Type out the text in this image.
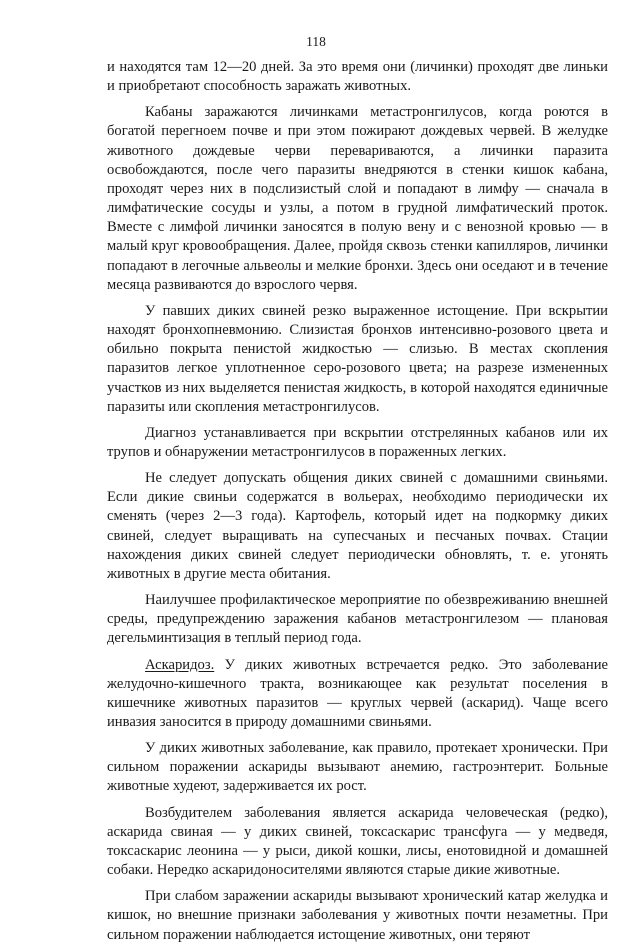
118

и находятся там 12—20 дней. За это время они (личинки) проходят две линьки и приобретают способность заражать животных.

Кабаны заражаются личинками метастронгилусов, когда роются в богатой перегноем почве и при этом пожирают дождевых червей. В желудке животного дождевые черви перевариваются, а личинки паразита освобождаются, после чего паразиты внедряются в стенки кишок кабана, проходят через них в подслизистый слой и попадают в лимфу — сначала в лимфатические сосуды и узлы, а потом в грудной лимфатический проток. Вместе с лимфой личинки заносятся в полую вену и с венозной кровью — в малый круг кровообращения. Далее, пройдя сквозь стенки капилляров, личинки попадают в легочные альвеолы и мелкие бронхи. Здесь они оседают и в течение месяца развиваются до взрослого червя.

У павших диких свиней резко выраженное истощение. При вскрытии находят бронхопневмонию. Слизистая бронхов интенсивно-розового цвета и обильно покрыта пенистой жидкостью — слизью. В местах скопления паразитов легкое уплотненное серо-розового цвета; на разрезе измененных участков из них выделяется пенистая жидкость, в которой находятся единичные паразиты или скопления метастронгилусов.

Диагноз устанавливается при вскрытии отстрелянных кабанов или их трупов и обнаружении метастронгилусов в пораженных легких.

Не следует допускать общения диких свиней с домашними свиньями. Если дикие свиньи содержатся в вольерах, необходимо периодически их сменять (через 2—3 года). Картофель, который идет на подкормку диких свиней, следует выращивать на супесчаных и песчаных почвах. Стации нахождения диких свиней следует периодически обновлять, т. е. угонять животных в другие места обитания.

Наилучшее профилактическое мероприятие по обезвреживанию внешней среды, предупреждению заражения кабанов метастронгилезом — плановая дегельминтизация в теплый период года.

Аскаридоз. У диких животных встречается редко. Это заболевание желудочно-кишечного тракта, возникающее как результат поселения в кишечнике животных паразитов — круглых червей (аскарид). Чаще всего инвазия заносится в природу домашними свиньями.

У диких животных заболевание, как правило, протекает хронически. При сильном поражении аскариды вызывают анемию, гастроэнтерит. Больные животные худеют, задерживается их рост.

Возбудителем заболевания является аскарида человеческая (редко), аскарида свиная — у диких свиней, токсаскарис трансфуга — у медведя, токсаскарис леонина — у рыси, дикой кошки, лисы, енотовидной и домашней собаки. Нередко аскаридоносителями являются старые дикие животные.

При слабом заражении аскариды вызывают хронический катар желудка и кишок, но внешние признаки заболевания у животных почти незаметны. При сильном поражении наблюдается истощение животных, они теряют
